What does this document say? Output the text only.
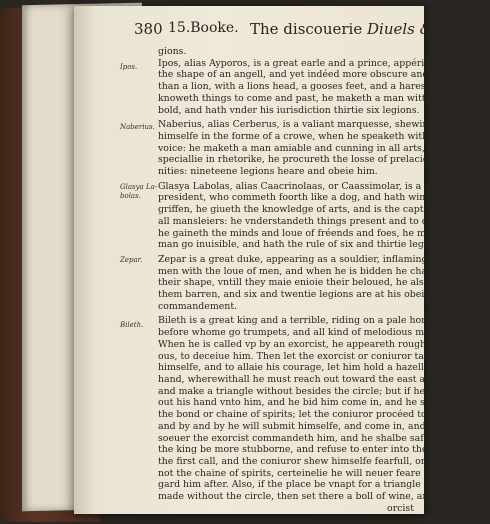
380 15.Booke. The discouerie Diuels & spirits.
Ipos.
Naberius.
Glasya La-bolas.
Zepar.
Bileth.
gions.
Ipos, alias Ayporos, is a great earle and a prince, appéring in
the shape of an angell, and yet indéed more obscure and filthie
than a lion, with a lions head, a gooses feet, and a hares taile: he
knoweth things to come and past, he maketh a man wittie, and
bold, and hath vnder his iurisdiction thirtie six legions.
Naberius, alias Cerberus, is a valiant marquesse, shewing
himselfe in the forme of a crowe, when he speaketh with a hoarse
voice: he maketh a man amiable and cunning in all arts, and
speciallie in rhetorike, he procureth the losse of prelacies and dig-
nities: nineteene legions heare and obeie him.
Glasya Labolas, alias Caacrinolaas, or Caassimolar, is a great
president, who commeth foorth like a dog, and hath wings like a
griffen, he giueth the knowledge of arts, and is the captaine of
all mansleiers: he vnderstandeth things present and to come,
he gaineth the minds and loue of fréends and foes, he maketh a
man go inuisible, and hath the rule of six and thirtie legions.
Zepar is a great duke, appearing as a souldier, inflaming wo-
men with the loue of men, and when he is bidden he changeth
their shape, vntill they maie enioie their beloued, he also maketh
them barren, and six and twentie legions are at his obeie and
commandement.
Bileth is a great king and a terrible, riding on a pale horsse,
before whome go trumpets, and all kind of melodious musicke.
When he is called vp by an exorcist, he appeareth rough and furi-
ous, to deceiue him. Then let the exorcist or coniuror take héed to
himselfe, and to allaie his courage, let him hold a hazell bat in his
hand, wherewithall he must reach out toward the east and south,
and make a triangle without besides the circle; but if he hold not
out his hand vnto him, and he bid him come in, and he still refuse
the bond or chaine of spirits; let the coniuror procéed to reading,
and by and by he will submit himselfe, and come in, and do what-
soeuer the exorcist commandeth him, and he shalbe safe. If Bileth
the king be more stubborne, and refuse to enter into the circle at
the first call, and the coniuror shew himselfe fearfull, or if he haue
not the chaine of spirits, certeinelie he will neuer feare nor re-
gard him after. Also, if the place be vnapt for a triangle to be
made without the circle, then set there a boll of wine, and the ex-
orcist
